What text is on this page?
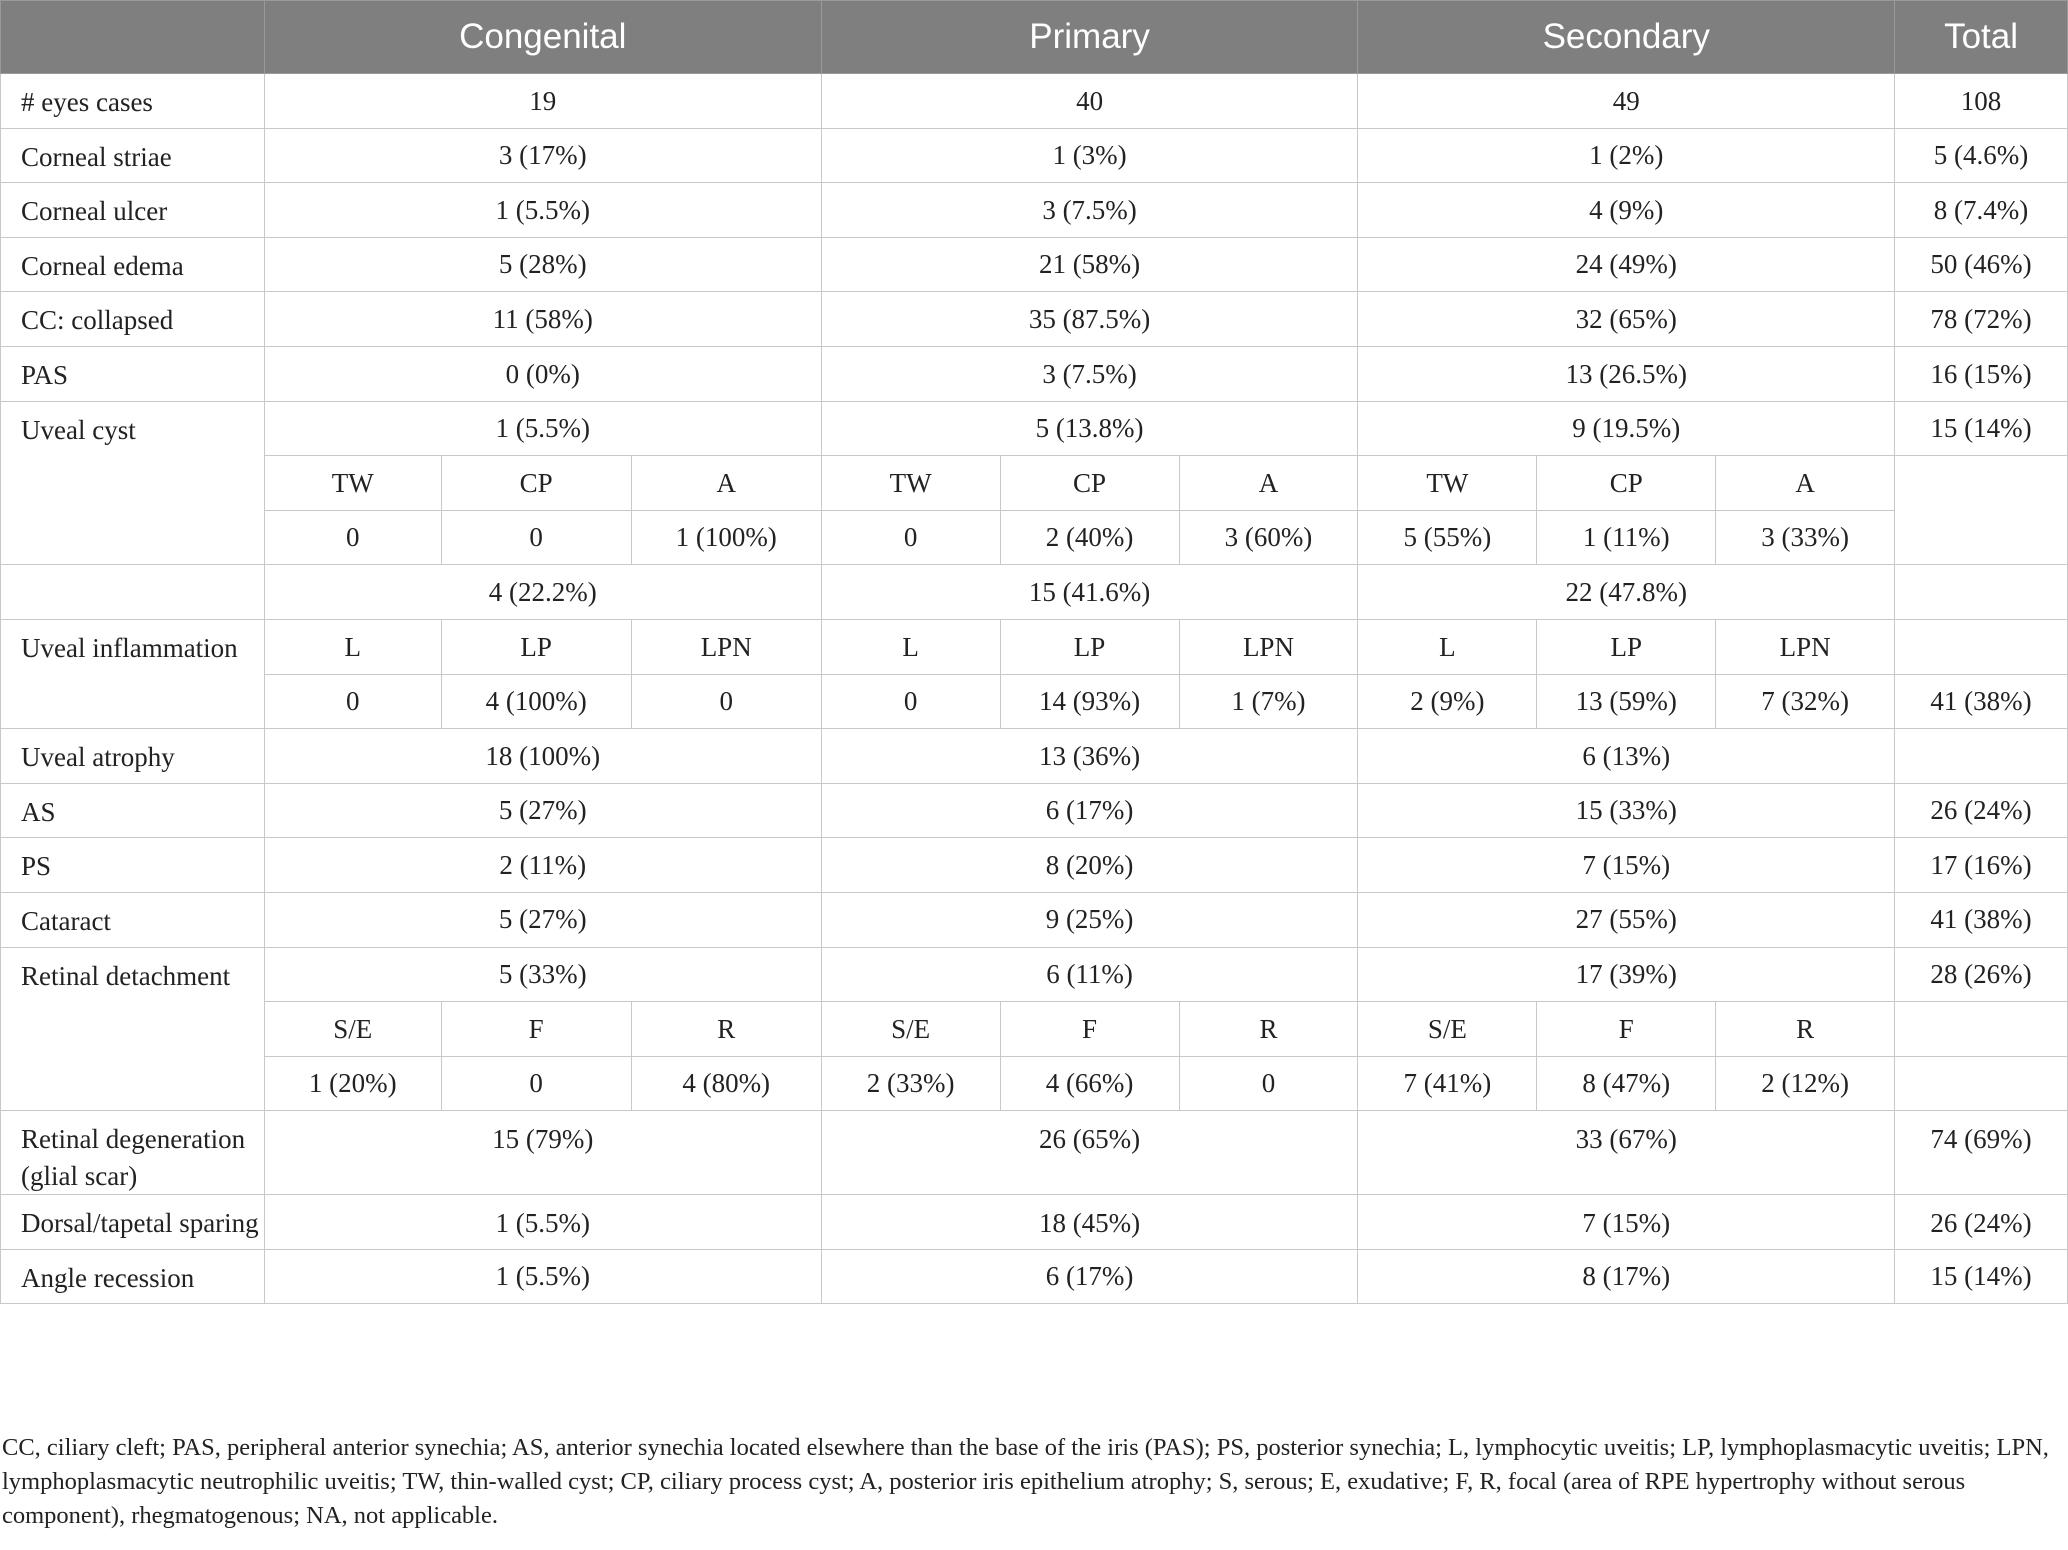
	Congenital			Primary			Secondary			Total
# eyes cases	19			40			49			108
Corneal striae	3 (17%)			1 (3%)			1 (2%)			5 (4.6%)
Corneal ulcer	1 (5.5%)			3 (7.5%)			4 (9%)			8 (7.4%)
Corneal edema	5 (28%)			21 (58%)			24 (49%)			50 (46%)
CC: collapsed	11 (58%)			35 (87.5%)			32 (65%)			78 (72%)
PAS	0 (0%)			3 (7.5%)			13 (26.5%)			16 (15%)
Uveal cyst	1 (5.5%)			5 (13.8%)			9 (19.5%)			15 (14%)
	TW	CP	A	TW	CP	A	TW	CP	A	
	0	0	1 (100%)	0	2 (40%)	3 (60%)	5 (55%)	1 (11%)	3 (33%)	
	4 (22.2%)			15 (41.6%)			22 (47.8%)			
Uveal inflammation	L	LP	LPN	L	LP	LPN	L	LP	LPN	
	0	4 (100%)	0	0	14 (93%)	1 (7%)	2 (9%)	13 (59%)	7 (32%)	41 (38%)
Uveal atrophy	18 (100%)			13 (36%)			6 (13%)			
AS	5 (27%)			6 (17%)			15 (33%)			26 (24%)
PS	2 (11%)			8 (20%)			7 (15%)			17 (16%)
Cataract	5 (27%)			9 (25%)			27 (55%)			41 (38%)
Retinal detachment	5 (33%)			6 (11%)			17 (39%)			28 (26%)
	S/E	F	R	S/E	F	R	S/E	F	R	
	1 (20%)	0	4 (80%)	2 (33%)	4 (66%)	0	7 (41%)	8 (47%)	2 (12%)	
Retinal degeneration (glial scar)	15 (79%)			26 (65%)			33 (67%)			74 (69%)
Dorsal/tapetal sparing	1 (5.5%)			18 (45%)			7 (15%)			26 (24%)
Angle recession	1 (5.5%)			6 (17%)			8 (17%)			15 (14%)
CC, ciliary cleft; PAS, peripheral anterior synechia; AS, anterior synechia located elsewhere than the base of the iris (PAS); PS, posterior synechia; L, lymphocytic uveitis; LP, lymphoplasmacytic uveitis; LPN, lymphoplasmacytic neutrophilic uveitis; TW, thin-walled cyst; CP, ciliary process cyst; A, posterior iris epithelium atrophy; S, serous; E, exudative; F, R, focal (area of RPE hypertrophy without serous component), rhegmatogenous; NA, not applicable.
